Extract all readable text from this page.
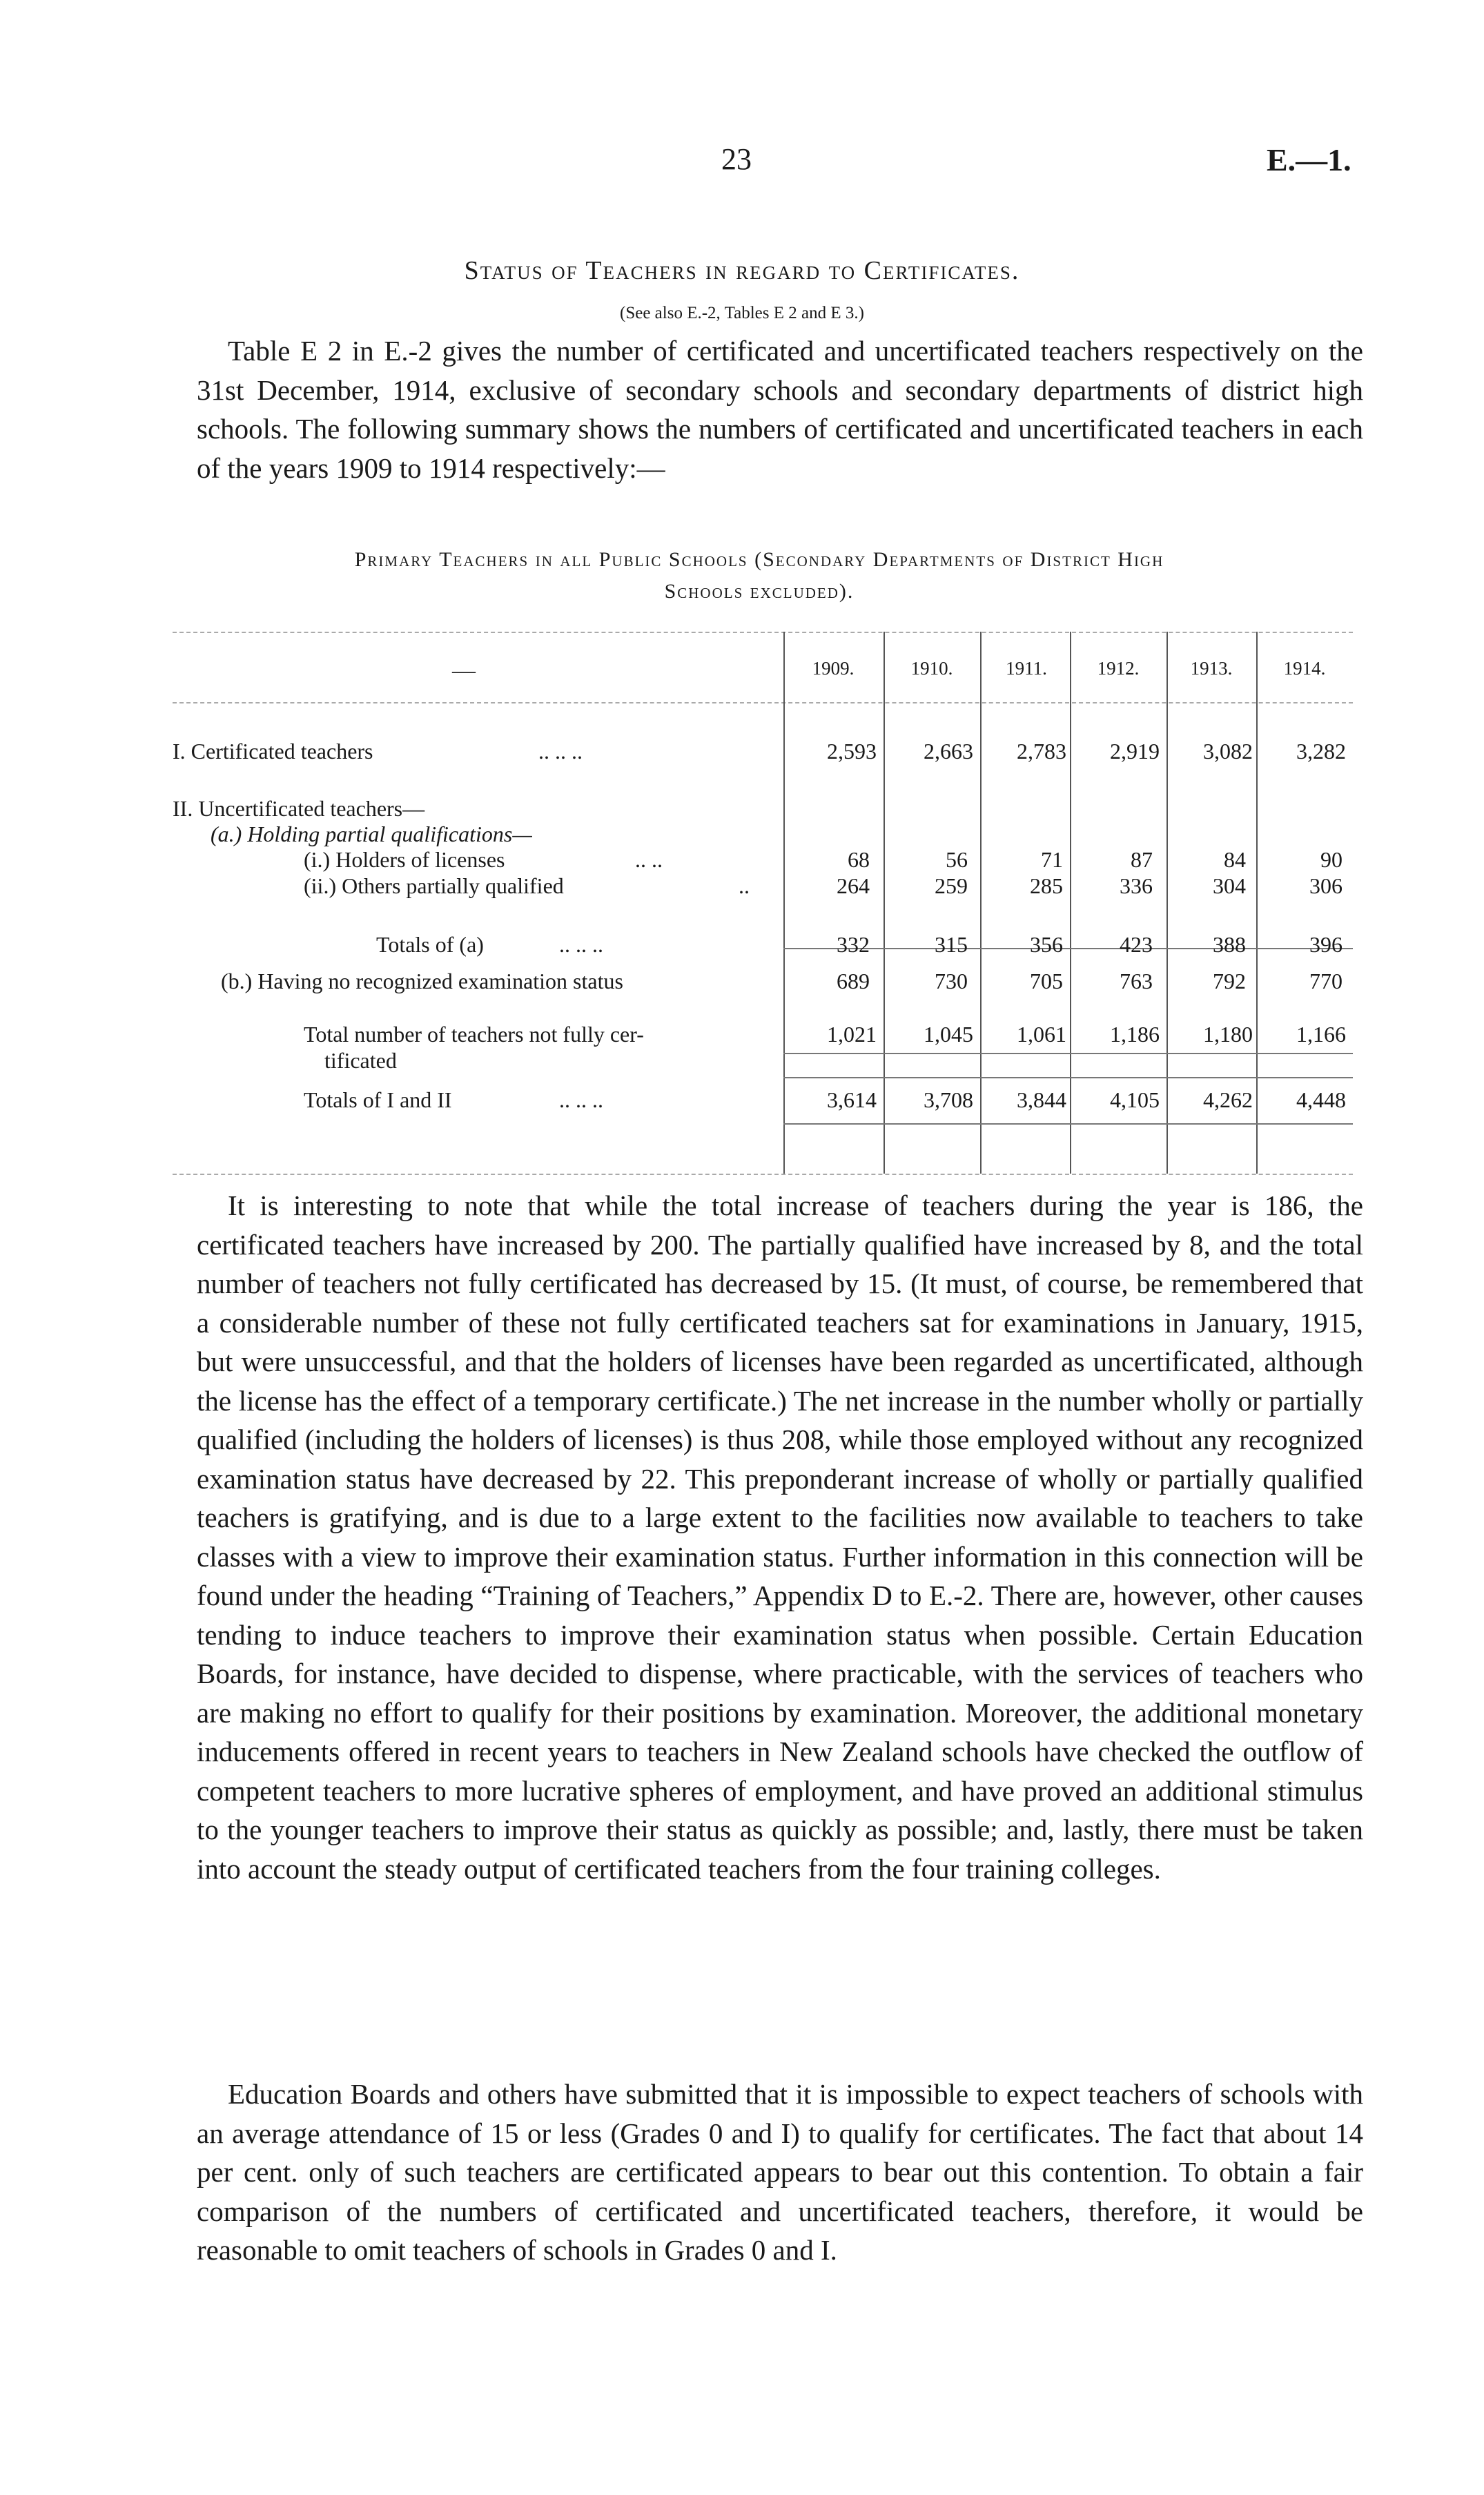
23	E.—1.
Status of Teachers in regard to Certificates.
(See also E.-2, Tables E 2 and E 3.)
Table E 2 in E.-2 gives the number of certificated and uncertificated teachers respectively on the 31st December, 1914, exclusive of secondary schools and secondary departments of district high schools. The following summary shows the numbers of certificated and uncertificated teachers in each of the years 1909 to 1914 respectively:—
Primary Teachers in all Public Schools (Secondary Departments of District High
Schools excluded).
—	1909.	1910.	1911.	1912.	1913.	1914.
I. Certificated teachers	.. .. ..	2,593	2,663	2,783	2,919	3,082	3,282
II. Uncertificated teachers—
(a.) Holding partial qualifications—
(i.) Holders of licenses	.. ..	68	56	71	87	84	90
(ii.) Others partially qualified	..	264	259	285	336	304	306
Totals of (a)	.. .. ..	332	315	356	423	388	396
(b.) Having no recognized examination status	689	730	705	763	792	770
Total number of teachers not fully cer-	1,021	1,045	1,061	1,186	1,180	1,166
tificated
Totals of I and II	.. .. ..	3,614	3,708	3,844	4,105	4,262	4,448
It is interesting to note that while the total increase of teachers during the year is 186, the certificated teachers have increased by 200. The partially qualified have increased by 8, and the total number of teachers not fully certificated has decreased by 15. (It must, of course, be remembered that a considerable number of these not fully certificated teachers sat for examinations in January, 1915, but were unsuccessful, and that the holders of licenses have been regarded as uncertificated, although the license has the effect of a temporary certificate.) The net increase in the number wholly or partially qualified (including the holders of licenses) is thus 208, while those employed without any recognized examination status have decreased by 22. This preponderant increase of wholly or partially qualified teachers is gratifying, and is due to a large extent to the facilities now available to teachers to take classes with a view to improve their examination status. Further information in this connection will be found under the heading “Training of Teachers,” Appendix D to E.-2. There are, however, other causes tending to induce teachers to improve their examination status when possible. Certain Education Boards, for instance, have decided to dispense, where practicable, with the services of teachers who are making no effort to qualify for their positions by examination. Moreover, the additional monetary inducements offered in recent years to teachers in New Zealand schools have checked the outflow of competent teachers to more lucrative spheres of employment, and have proved an additional stimulus to the younger teachers to improve their status as quickly as possible; and, lastly, there must be taken into account the steady output of certificated teachers from the four training colleges.
Education Boards and others have submitted that it is impossible to expect teachers of schools with an average attendance of 15 or less (Grades 0 and I) to qualify for certificates. The fact that about 14 per cent. only of such teachers are certificated appears to bear out this contention. To obtain a fair comparison of the numbers of certificated and uncertificated teachers, therefore, it would be reasonable to omit teachers of schools in Grades 0 and I.
